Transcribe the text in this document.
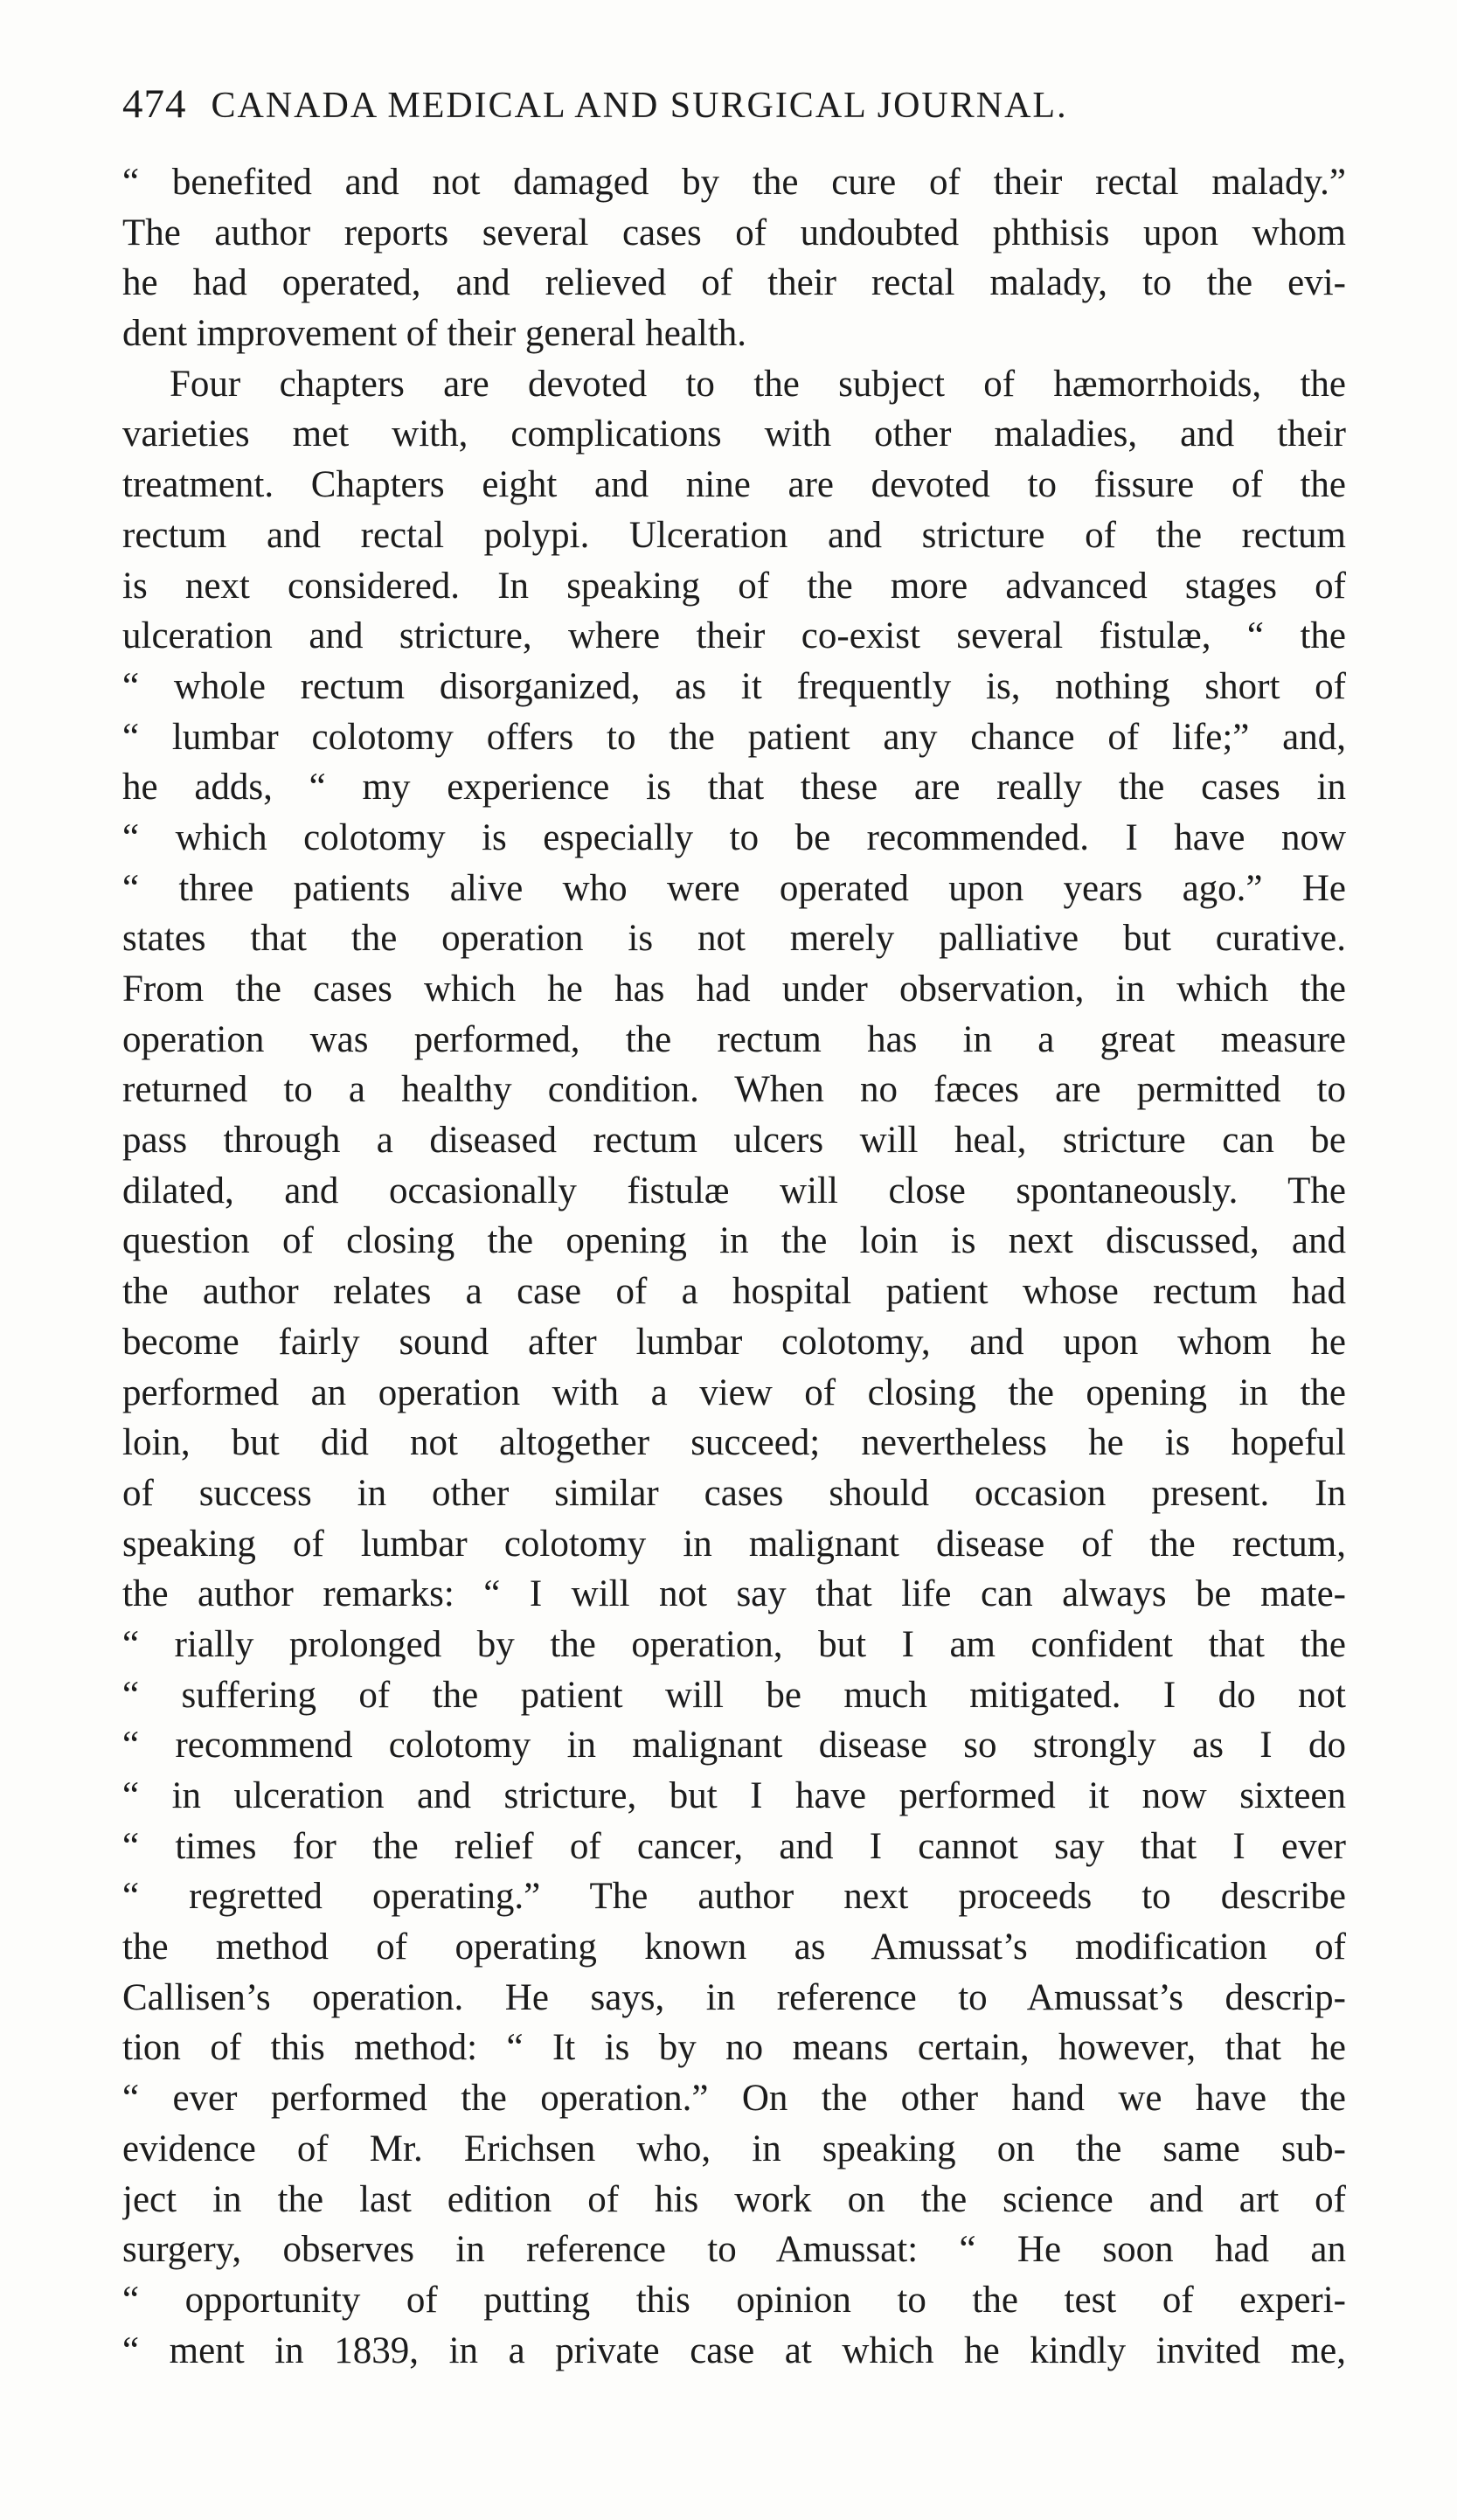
474 CANADA MEDICAL AND SURGICAL JOURNAL.
“ benefited and not damaged by the cure of their rectal malady.”
The author reports several cases of undoubted phthisis upon whom
he had operated, and relieved of their rectal malady, to the evi-
dent improvement of their general health.
Four chapters are devoted to the subject of hæmorrhoids, the
varieties met with, complications with other maladies, and their
treatment. Chapters eight and nine are devoted to fissure of the
rectum and rectal polypi. Ulceration and stricture of the rectum
is next considered. In speaking of the more advanced stages of
ulceration and stricture, where their co-exist several fistulæ, “ the
“ whole rectum disorganized, as it frequently is, nothing short of
“ lumbar colotomy offers to the patient any chance of life;” and,
he adds, “ my experience is that these are really the cases in
“ which colotomy is especially to be recommended. I have now
“ three patients alive who were operated upon years ago.” He
states that the operation is not merely palliative but curative.
From the cases which he has had under observation, in which the
operation was performed, the rectum has in a great measure
returned to a healthy condition. When no fæces are permitted to
pass through a diseased rectum ulcers will heal, stricture can be
dilated, and occasionally fistulæ will close spontaneously. The
question of closing the opening in the loin is next discussed, and
the author relates a case of a hospital patient whose rectum had
become fairly sound after lumbar colotomy, and upon whom he
performed an operation with a view of closing the opening in the
loin, but did not altogether succeed; nevertheless he is hopeful
of success in other similar cases should occasion present. In
speaking of lumbar colotomy in malignant disease of the rectum,
the author remarks: “ I will not say that life can always be mate-
“ rially prolonged by the operation, but I am confident that the
“ suffering of the patient will be much mitigated. I do not
“ recommend colotomy in malignant disease so strongly as I do
“ in ulceration and stricture, but I have performed it now sixteen
“ times for the relief of cancer, and I cannot say that I ever
“ regretted operating.” The author next proceeds to describe
the method of operating known as Amussat’s modification of
Callisen’s operation. He says, in reference to Amussat’s descrip-
tion of this method: “ It is by no means certain, however, that he
“ ever performed the operation.” On the other hand we have the
evidence of Mr. Erichsen who, in speaking on the same sub-
ject in the last edition of his work on the science and art of
surgery, observes in reference to Amussat: “ He soon had an
“ opportunity of putting this opinion to the test of experi-
“ ment in 1839, in a private case at which he kindly invited me,
